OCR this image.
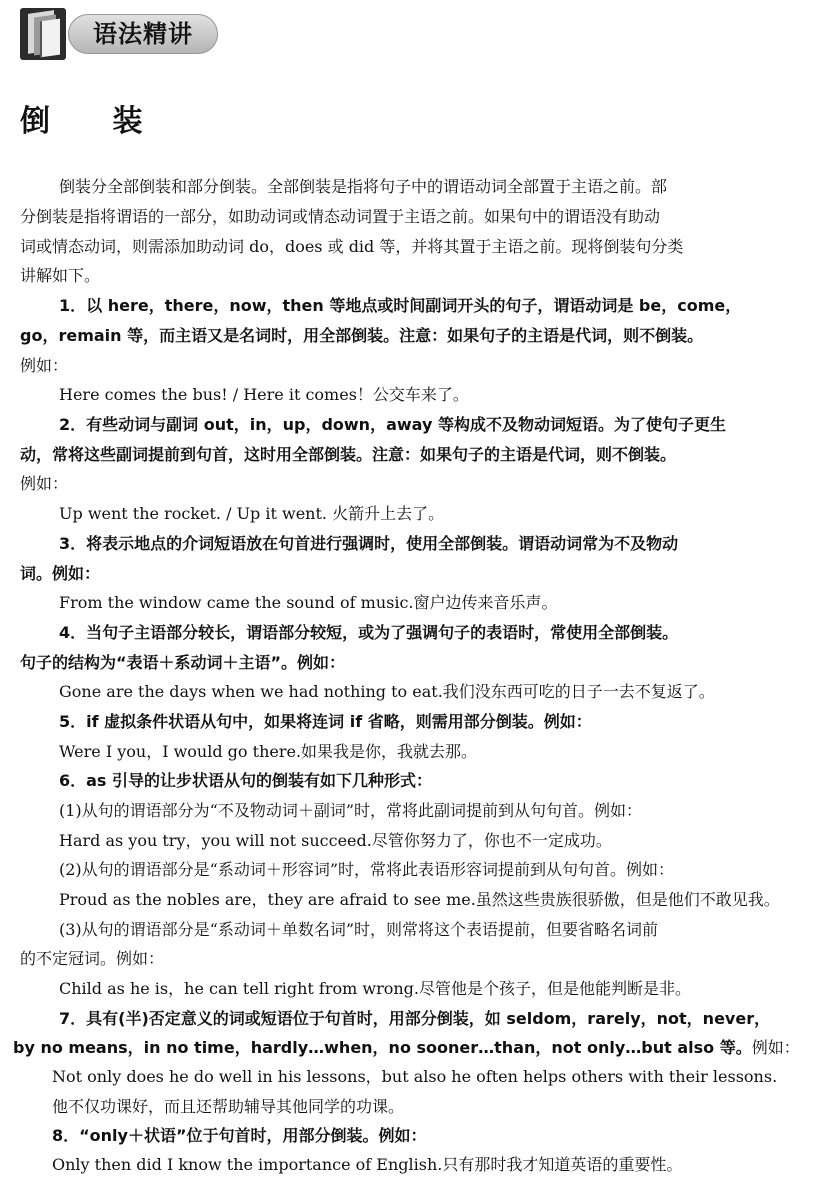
语法精讲
倒 装

倒装分全部倒装和部分倒装。全部倒装是指将句子中的谓语动词全部置于主语之前。部

分倒装是指将谓语的一部分，如助动词或情态动词置于主语之前。如果句中的谓语没有助动

词或情态动词，则需添加助动词 do，does 或 did 等，并将其置于主语之前。现将倒装句分类

讲解如下。

1．以 here，there，now，then 等地点或时间副词开头的句子，谓语动词是 be，come，

go，remain 等，而主语又是名词时，用全部倒装。注意：如果句子的主语是代词，则不倒装。

例如：

Here comes the bus! / Here it comes！公交车来了。

2．有些动词与副词 out，in，up，down，away 等构成不及物动词短语。为了使句子更生

动，常将这些副词提前到句首，这时用全部倒装。注意：如果句子的主语是代词，则不倒装。

例如：

Up went the rocket. / Up it went. 火箭升上去了。

3．将表示地点的介词短语放在句首进行强调时，使用全部倒装。谓语动词常为不及物动

词。例如：

From the window came the sound of music.窗户边传来音乐声。

4．当句子主语部分较长，谓语部分较短，或为了强调句子的表语时，常使用全部倒装。

句子的结构为“表语＋系动词＋主语”。例如：

Gone are the days when we had nothing to eat.我们没东西可吃的日子一去不复返了。

5．if 虚拟条件状语从句中，如果将连词 if 省略，则需用部分倒装。例如：

Were I you，I would go there.如果我是你，我就去那。

6．as 引导的让步状语从句的倒装有如下几种形式：

(1)从句的谓语部分为“不及物动词＋副词”时，常将此副词提前到从句句首。例如：

Hard as you try，you will not succeed.尽管你努力了，你也不一定成功。

(2)从句的谓语部分是“系动词＋形容词”时，常将此表语形容词提前到从句句首。例如：

Proud as the nobles are，they are afraid to see me.虽然这些贵族很骄傲，但是他们不敢见我。

(3)从句的谓语部分是“系动词＋单数名词”时，则常将这个表语提前，但要省略名词前

的不定冠词。例如：

Child as he is，he can tell right from wrong.尽管他是个孩子，但是他能判断是非。

7．具有(半)否定意义的词或短语位于句首时，用部分倒装，如 seldom，rarely，not，never，

by no means，in no time，hardly…when，no sooner…than，not only…but also 等。例如：

Not only does he do well in his lessons，but also he often helps others with their lessons.

他不仅功课好，而且还帮助辅导其他同学的功课。

8．“only＋状语”位于句首时，用部分倒装。例如：

Only then did I know the importance of English.只有那时我才知道英语的重要性。
